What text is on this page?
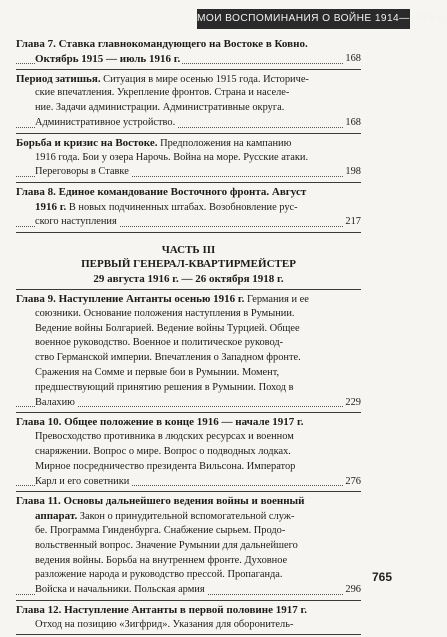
МОИ ВОСПОМИНАНИЯ О ВОЙНЕ 1914—1918 гг.
Глава 7. Ставка главнокомандующего на Востоке в Ковно.
Октябрь 1915 — июль 1916 г.	168
Период затишья. Ситуация в мире осенью 1915 года. Историче-
ские впечатления. Укрепление фронтов. Страна и населе-
ние. Задачи администрации. Административные округа.
Административное устройство.	168
Борьба и кризис на Востоке. Предположения на кампанию
1916 года. Бои у озера Нарочь. Война на море. Русские атаки.
Переговоры в Ставке	198
Глава 8. Единое командование Восточного фронта. Август
1916 г. В новых подчиненных штабах. Возобновление рус-
ского наступления	217
ЧАСТЬ III
ПЕРВЫЙ ГЕНЕРАЛ-КВАРТИРМЕЙСТЕР
29 августа 1916 г. — 26 октября 1918 г.
Глава 9. Наступление Антанты осенью 1916 г. Германия и ее
союзники. Основание положения наступления в Румынии.
Ведение войны Болгарией. Ведение войны Турцией. Общее
военное руководство. Военное и политическое руковод-
ство Германской империи. Впечатления о Западном фронте.
Сражения на Сомме и первые бои в Румынии. Момент,
предшествующий принятию решения в Румынии. Поход в
Валахию	229
Глава 10. Общее положение в конце 1916 — начале 1917 г.
Превосходство противника в людских ресурсах и военном
снаряжении. Вопрос о мире. Вопрос о подводных лодках.
Мирное посредничество президента Вильсона. Император
Карл и его советники	276
Глава 11. Основы дальнейшего ведения войны и военный
аппарат. Закон о принудительной вспомогательной служ-
бе. Программа Гинденбурга. Снабжение сырьем. Продо-
вольственный вопрос. Значение Румынии для дальнейшего
ведения войны. Борьба на внутреннем фронте. Духовное
разложение народа и руководство прессой. Пропаганда.
Войска и начальники. Польская армия	296
Глава 12. Наступление Антанты в первой половине 1917 г.
Отход на позицию «Зигфрид». Указания для оборонитель-
765
